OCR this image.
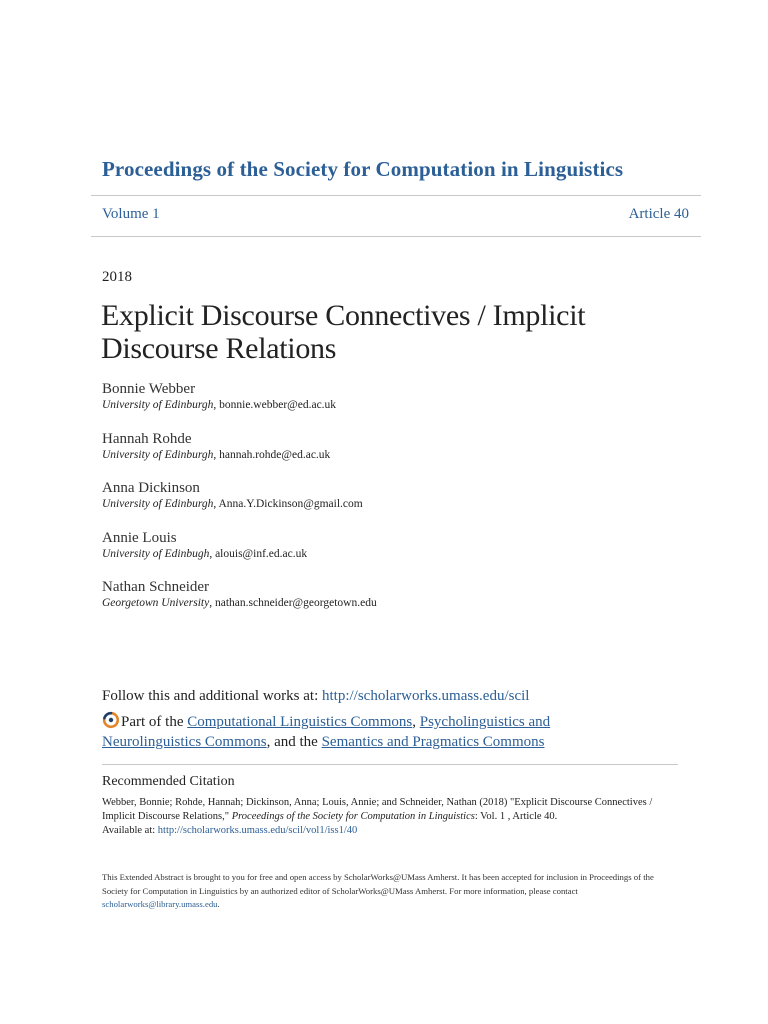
Proceedings of the Society for Computation in Linguistics
Volume 1	Article 40
2018
Explicit Discourse Connectives / Implicit Discourse Relations
Bonnie Webber
University of Edinburgh, bonnie.webber@ed.ac.uk
Hannah Rohde
University of Edinburgh, hannah.rohde@ed.ac.uk
Anna Dickinson
University of Edinburgh, Anna.Y.Dickinson@gmail.com
Annie Louis
University of Edinbugh, alouis@inf.ed.ac.uk
Nathan Schneider
Georgetown University, nathan.schneider@georgetown.edu
Follow this and additional works at: http://scholarworks.umass.edu/scil
Part of the Computational Linguistics Commons, Psycholinguistics and Neurolinguistics Commons, and the Semantics and Pragmatics Commons
Recommended Citation
Webber, Bonnie; Rohde, Hannah; Dickinson, Anna; Louis, Annie; and Schneider, Nathan (2018) "Explicit Discourse Connectives / Implicit Discourse Relations," Proceedings of the Society for Computation in Linguistics: Vol. 1 , Article 40.
Available at: http://scholarworks.umass.edu/scil/vol1/iss1/40
This Extended Abstract is brought to you for free and open access by ScholarWorks@UMass Amherst. It has been accepted for inclusion in Proceedings of the Society for Computation in Linguistics by an authorized editor of ScholarWorks@UMass Amherst. For more information, please contact scholarworks@library.umass.edu.
